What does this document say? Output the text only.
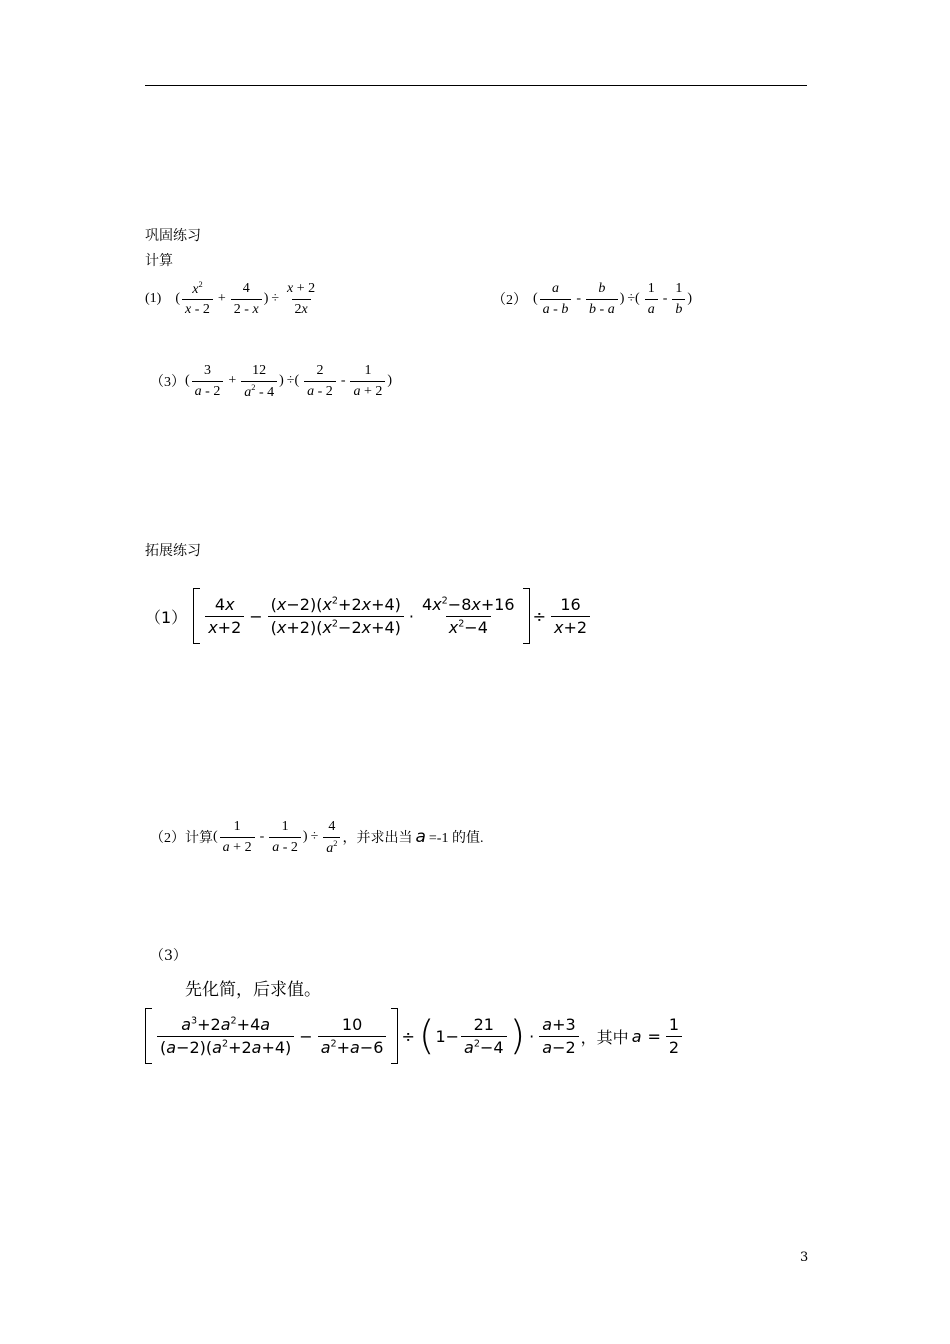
巩固练习
计算
(1) ( $\frac{x^2}{x - 2} + \frac{4}{2 - x}$ ) ÷ $\frac{x + 2}{2x}$	（2） ( $\frac{a}{a - b} - \frac{b}{b - a}$ ) ÷( $\frac{1}{a} - \frac{1}{b}$ )
（3） ( $\frac{3}{a - 2} + \frac{12}{a^2 - 4}$ ) ÷( $\frac{2}{a - 2} - \frac{1}{a + 2}$ )
拓展练习
$(1) \frac{4x}{x+2} - \frac{(x-2)(x^2+2x+4)}{(x+2)(x^2-2x+4)} \cdot \frac{4x^2-8x+16}{x^2-4} \div \frac{16}{x+2}$
（2）计算 ( $\frac{1}{a + 2} - \frac{1}{a - 2}$ ) ÷ $\frac{4}{a^2}$ ，并求出当 a =-1 的值.
（3）
先化简，后求值。
$\frac{a^3+2a^2+4a}{(a-2)(a^2+2a+4)} - \frac{10}{a^2+a-6}$ ÷ ( $1- \frac{21}{a^2-4}$ ) · $\frac{a+3}{a-2}$ ，其中 $a = \frac{1}{2}$
3
